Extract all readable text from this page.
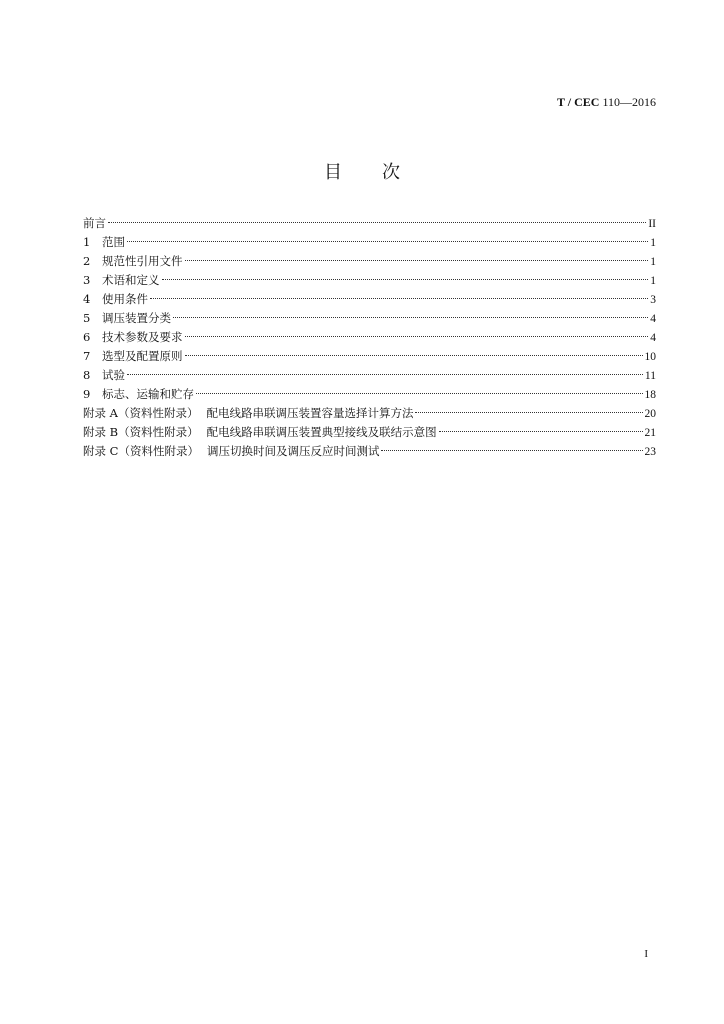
T / CEC 110—2016
目次
前言	II
1	范围	1
2	规范性引用文件	1
3	术语和定义	1
4	使用条件	3
5	调压装置分类	4
6	技术参数及要求	4
7	选型及配置原则	10
8	试验	11
9	标志、运输和贮存	18
附录 A（资料性附录） 配电线路串联调压装置容量选择计算方法	20
附录 B（资料性附录） 配电线路串联调压装置典型接线及联结示意图	21
附录 C（资料性附录） 调压切换时间及调压反应时间测试	23
I
